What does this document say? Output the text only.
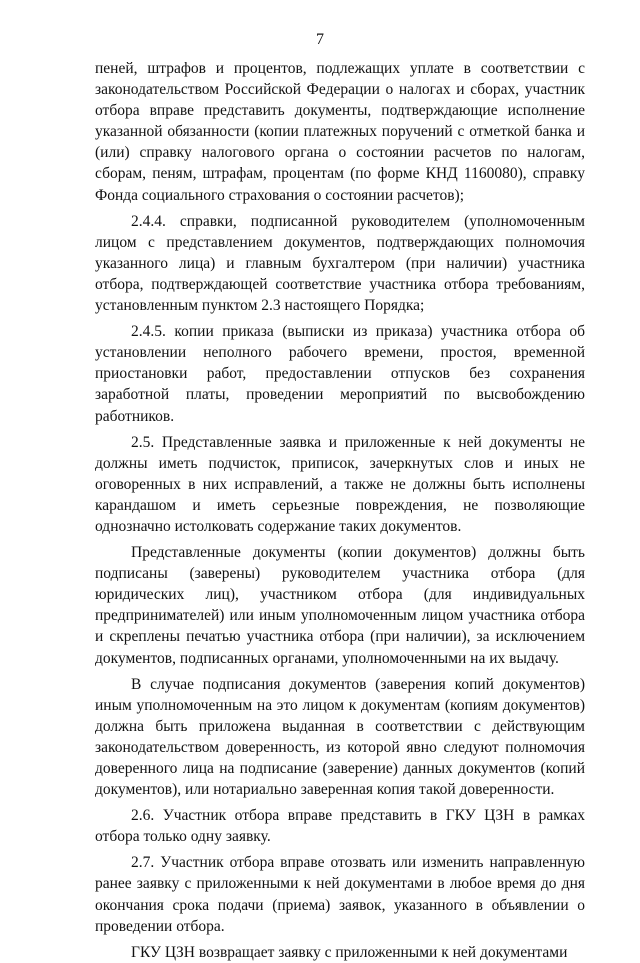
7

пеней, штрафов и процентов, подлежащих уплате в соответствии с законодательством Российской Федерации о налогах и сборах, участник отбора вправе представить документы, подтверждающие исполнение указанной обязанности (копии платежных поручений с отметкой банка и (или) справку налогового органа о состоянии расчетов по налогам, сборам, пеням, штрафам, процентам (по форме КНД 1160080), справку Фонда социального страхования о состоянии расчетов);

2.4.4. справки, подписанной руководителем (уполномоченным лицом с представлением документов, подтверждающих полномочия указанного лица) и главным бухгалтером (при наличии) участника отбора, подтверждающей соответствие участника отбора требованиям, установленным пунктом 2.3 настоящего Порядка;

2.4.5. копии приказа (выписки из приказа) участника отбора об установлении неполного рабочего времени, простоя, временной приостановки работ, предоставлении отпусков без сохранения заработной платы, проведении мероприятий по высвобождению работников.

2.5. Представленные заявка и приложенные к ней документы не должны иметь подчисток, приписок, зачеркнутых слов и иных не оговоренных в них исправлений, а также не должны быть исполнены карандашом и иметь серьезные повреждения, не позволяющие однозначно истолковать содержание таких документов.

Представленные документы (копии документов) должны быть подписаны (заверены) руководителем участника отбора (для юридических лиц), участником отбора (для индивидуальных предпринимателей) или иным уполномоченным лицом участника отбора и скреплены печатью участника отбора (при наличии), за исключением документов, подписанных органами, уполномоченными на их выдачу.

В случае подписания документов (заверения копий документов) иным уполномоченным на это лицом к документам (копиям документов) должна быть приложена выданная в соответствии с действующим законодательством доверенность, из которой явно следуют полномочия доверенного лица на подписание (заверение) данных документов (копий документов), или нотариально заверенная копия такой доверенности.

2.6. Участник отбора вправе представить в ГКУ ЦЗН в рамках отбора только одну заявку.

2.7. Участник отбора вправе отозвать или изменить направленную ранее заявку с приложенными к ней документами в любое время до дня окончания срока подачи (приема) заявок, указанного в объявлении о проведении отбора.

ГКУ ЦЗН возвращает заявку с приложенными к ней документами
